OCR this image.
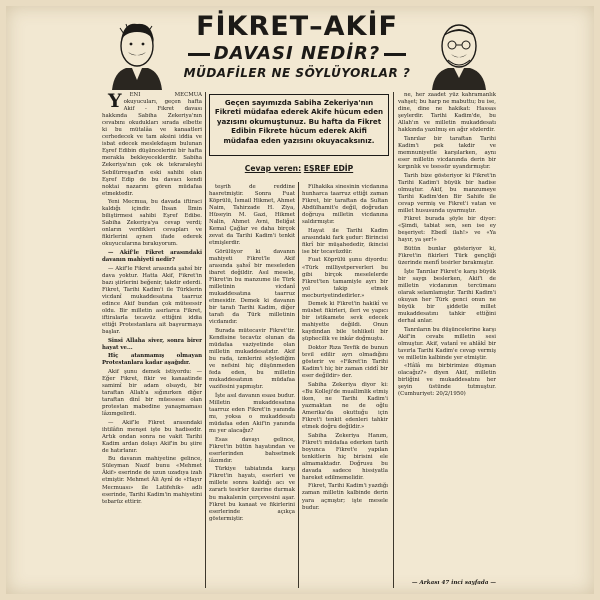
FİKRET–AKİF
DAVASI NEDİR?
MÜDAFİLER NE SÖYLÜYORLAR ?

Y ENİ MECMUA okuyucuları, geçen hafta Akif - Fikret davası hakkında Sabiha Zekeriya'nın cevabını okudukları sırada elbette ki bu mütalâa ve kanaatleri cerhedecek ve tam aksini iddia ve isbat edecek meslekdaşım bulunan Eşref Edibin düşüncelerini bir hafta merakla bekleyeceklerdir. Sabiha Zekeriya'nın çok ok tekraraleyhi Sebilürreşad'ın eski sahibi olan Eşref Edip de bu davacı kendi noktai nazarını gören müdafaa etmektedir.

Yeni Mecmua, bu davada iftiraci kaldığı içindir. İhsan İlmin biliştirmesi sahibi Eşref Edibe. Sabiha Zekeriya'ya cevap verdi; onların verdikleri cevapları ve fikirlerini aynen ifade ederek okuyucularına bırakıyorum.

— Akif'le Fikret arasındaki davanın mahiyeti nedir?

— Akif'le Fikret arasında şahsî bir dava yoktur. Hatta Akif, Fikret'in bazı şiirlerini beğenir, takdir ederdi. Fikret, Tarihi Kadim'i ile Türklerin vicdanî mukaddesatına taarruz edince Akif bundan çok müteessir oldu. Bir milletin asırlarca Fikret, iftiralarla tecavüz ettiğini iddia ettiği Protestanlara ait başvurmaya başlar.

Sinsi Allaha siver, sonra birer hayat ve...

Hiç atanmamış olmayan Protestanlara kadar aşağıdır.

Akif şunu demek istiyordu: — Eğer Fikret, fikir ve kanaatinde samimî bir adam olsaydı, bir taraftan Allah'a sığınırken diğer taraftan dinî bir müessese olan protestan mabedine yanaşmaması lâzımgelirdi.

— Akif'le Fikret arasındaki ihtilâfın menşei işte bu hadisedir. Artık ondan sonra ne vakit Tarihi Kadim ardan dolayı Akif'in bu şiire de hatırlanır.

Bu davanın mahiyetine gelince, Süleyman Nazif bunu «Mehmet Âkif» eserinde de uzun uzadıya izah etmiştir. Mehmet Âli Aynî de «Hayır Mecmuası» ile Latifehik» adlı eserinde, Tarihi Kadim'in mahiyetini tebarüz ettirir.

Geçen sayımızda Sabiha Zekeriya'nın Fikreti müdafaa ederek Akife hücum eden yazısını okumuştunuz. Bu hafta da Fikret Edibin Fikrete hücum ederek Akifi müdafaa eden yazısını okuyacaksınız.
Cevap veren: EŞREF EDİP

teşrih de reddine hasretmiştir. Sonra Fuat Köprülü, İsmail Hikmet, Ahmet Naim, Tahirzade H. Ziya, Hüseyin M. Gazi, Hikmet Nalin, Ahmet Avni, Beliğat Kemal Çağlar ve daha birçok zevat da Tarihi Kadim'i tenkit etmişlerdir.

Görülüyor ki davanın mahiyeti Fikret'le Akif arasında şahsî bir meseleden ibaret değildir. Asıl mesele, Fikret'in bu manzume ile Türk milletinin vicdanî mukaddesatına taarruz etmesidir. Demek ki davanın bir tarafı Tarihi Kadim, diğer tarafı da Türk milletinin vicdanıdır.

Burada mütecavir Fikret'tir. Kendisine tecavüz olunan da müdafaa vaziyetinde olan milletin mukaddesatıdır. Akif bu rada, izmlerini söylediğim ve nefsini hiç düşünmeden feda eden, bu milletin mukaddesatının müdafaa vazifesini yapmıştır.

İşte asıl davanın esası budur. Milletin mukaddesatına taarruz eden Fikret'in yanında mı, yoksa o mukaddesatı müdafaa eden Akif'in yanında mı yer alacağız?

Esas davayı gelince, Fikret'in bütün hayatından ve eserlerinden bahsetmek lâzımdır.

Türkiye tabiatında karşı Fikret'in hayatı, eserleri ve millete sonra kaldığı acı ve zararlı tesirler üzerine durmak bu makalenin çerçevesini aşar. Fikret bu kanaat ve fikirlerini eserlerinde açıkça göstermiştir.

Filhakika sinesinin vicdanına hunharca taarruz ettiği zaman Fikret, bir taraftan da Sultan Abdülhamit'e değil, doğrudan doğruya milletin vicdanına saldırmıştır.

Hayat ile Tarihi Kadim arasındaki fark şudur: Birincisi fikrî bir müşahededir, ikincisi ise bir tecavüzdür.

Fuat Köprülü şunu diyordu: «Türk milliyetperverleri bu gibi birçok meselelerde Fikret'ten tamamiyle ayrı bir yol takip etmek mecburiyetindedirler.»

Demek ki Fikret'in hakikî ve müsbet fikirleri, ileri ve yapıcı bir istikamete sevk edecek mahiyette değildi. Onun kaydından bile tehlikeli bir şüphecilik ve inkâr doğmuştu.

Doktor Rıza Tevfik de bunun tevil edilir ayrı olmadığını gösterir ve «Fikret'in Tarihi Kadim'i hiç bir zaman ciddî bir eser değildir» der.

Sabiha Zekeriya diyor ki: «Bu Kolleji'de muallimlik etmiş iken, ne Tarihi Kadim'i yazmaktan ne de oğlu Amerika'da okuttuğu için Fikret'i tenkit edenleri tahkir etmek doğru değildir.»

Sabiha Zekeriya Hanım, Fikret'i müdafaa ederken tarih boyunca Fikret'e yapılan tenkitlerin hiç birisini ele almamaktadır. Doğrusu bu davada sadece hissiyatla hareket edilmemelidir.

Fikret, Tarihi Kadim'i yazdığı zaman milletin kalbinde derin yara açmıştır; işte mesele budur.

ne, her zaadet yüz kahramanlık vahşet; bu harp ne mabuttu; bu ise, dine, dine ne hakikat: Hassas şeylerdir. Tarihi Kadim'de, bu Allah'ın ve milletin mukaddesatı hakkında yazılmış en ağır sözlerdir.

Tanrılar bir taraftan Tarihi Kadim'i pek takdir ve memnuniyetle karşılarken, aynı eser milletin vicdanında derin bir kırgınlık ve teessür uyandırmıştır.

Tarih bize gösteriyor ki Fikret'in Tarihi Kadim'i büyük bir hadise olmuştur. Akif, bu manzumeye Tarihi Kadim'den Bir Sahife ile cevap vermiş ve Fikret'i vatan ve millet hususunda uyarmıştır.

Fikret burada şöyle bir diyor: «Şimdi, tabiat sen, sen ise ey beşeriyet: Ebedî ilah!» ve «Ya hayır, ya şer!»

Bütün bunlar gösteriyor ki, Fikret'in fikirleri Türk gençliği üzerinde menfî tesirler bırakmıştır.

İşte Tanrılar Fikret'e karşı büyük bir saygı beslerken, Akif'i de milletin vicdanının tercümanı olarak selamlamıştır. Tarihi Kadim'i okuyan her Türk genci onun ne büyük bir şiddetle millet mukaddesatını tahkir ettiğini derhal anlar.

Tanrıların bu düşüncelerine karşı Akif'in cevabı milletin sesi olmuştur. Akif, vatanî ve ahlâkî bir tavırla Tarihi Kadim'e cevap vermiş ve milletin kalbinde yer etmiştir.

«Hâlâ mı birbirimize düşman olacağız?» diyen Akif, milletin birliğini ve mukaddesatını her şeyin üstünde tutmuştur. (Cumhuriyet: 20/2/1950)

— Arkası 47 inci sayfada —
